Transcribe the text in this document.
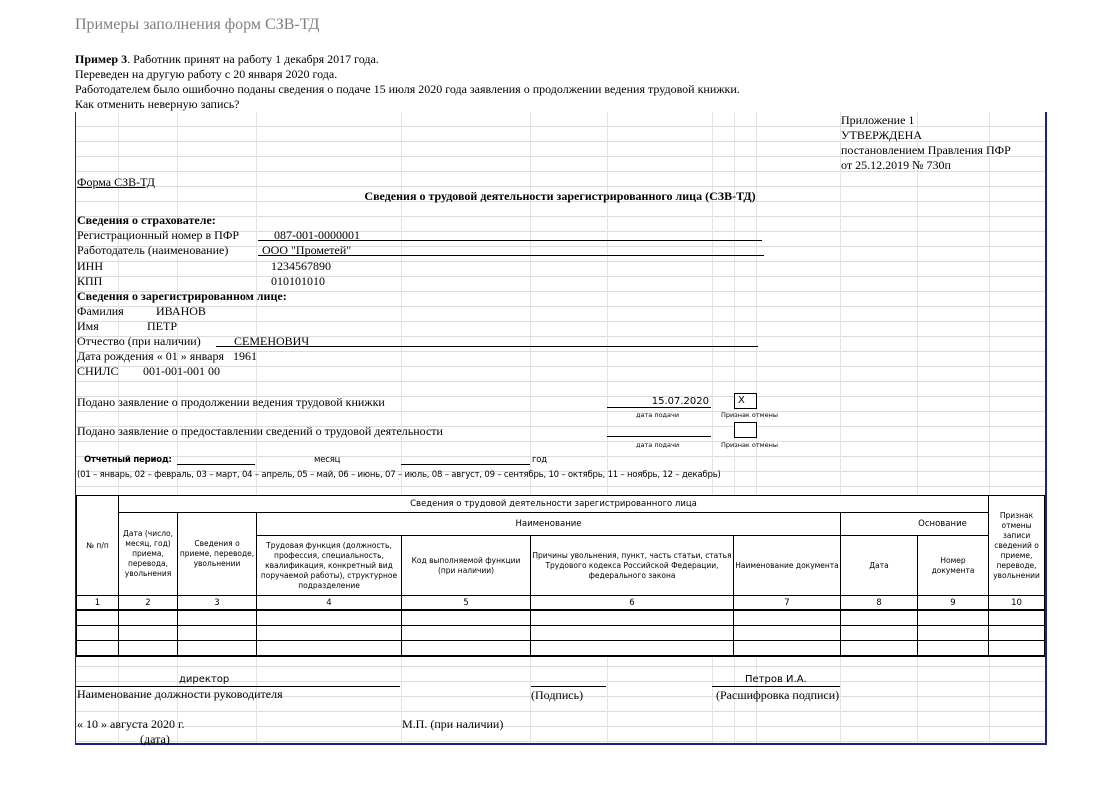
Примеры заполнения форм СЗВ-ТД
Пример 3. Работник принят на работу 1 декабря 2017 года.
Переведен на другую работу с 20 января 2020 года.
Работодателем было ошибочно поданы сведения о подаче 15 июля 2020 года заявления о продолжении ведения трудовой книжки.
Как отменить неверную запись?
Приложение 1
УТВЕРЖДЕНА
постановлением Правления ПФР
от 25.12.2019 № 730п
Форма СЗВ-ТД
Сведения о трудовой деятельности зарегистрированного лица (СЗВ-ТД)
Сведения о страхователе:
Регистрационный номер в ПФР	087-001-0000001
Работодатель (наименование)	ООО "Прометей"
ИНН	1234567890
КПП	010101010
Сведения о зарегистрированном лице:
Фамилия	ИВАНОВ
Имя	ПЕТР
Отчество (при наличии)	СЕМЕНОВИЧ
Дата рождения « 01 » января 1961
СНИЛС 001-001-001 00
Подано заявление о продолжении ведения трудовой книжки	15.07.2020	X
дата подачи	Признак отмены
Подано заявление о предоставлении сведений о трудовой деятельности
дата подачи	Признак отмены
Отчетный период:	месяц	год
(01 – январь, 02 – февраль, 03 – март, 04 – апрель, 05 – май, 06 – июнь, 07 – июль, 08 – август, 09 – сентябрь, 10 – октябрь, 11 – ноябрь, 12 – декабрь)
№ п/п	Сведения о трудовой деятельности зарегистрированного лица								Признак отмены записи сведений о приеме, переводе, увольнении
	Дата (число, месяц, год) приема, перевода, увольнения	Сведения о приеме, переводе, увольнении	Наименование				Основание		
			Трудовая функция (должность, профессия, специальность, квалификация, конкретный вид поручаемой работы), структурное подразделение	Код выполняемой функции (при наличии)	Причины увольнения, пункт, часть статьи, статья Трудового кодекса Российской Федерации, федерального закона	Наименование документа	Дата	Номер документа	
1	2	3	4	5	6	7	8	9	10

директор
Наименование должности руководителя	(Подпись)
Петров И.А.
(Расшифровка подписи)
« 10 » августа 2020 г.
(дата)
М.П. (при наличии)
